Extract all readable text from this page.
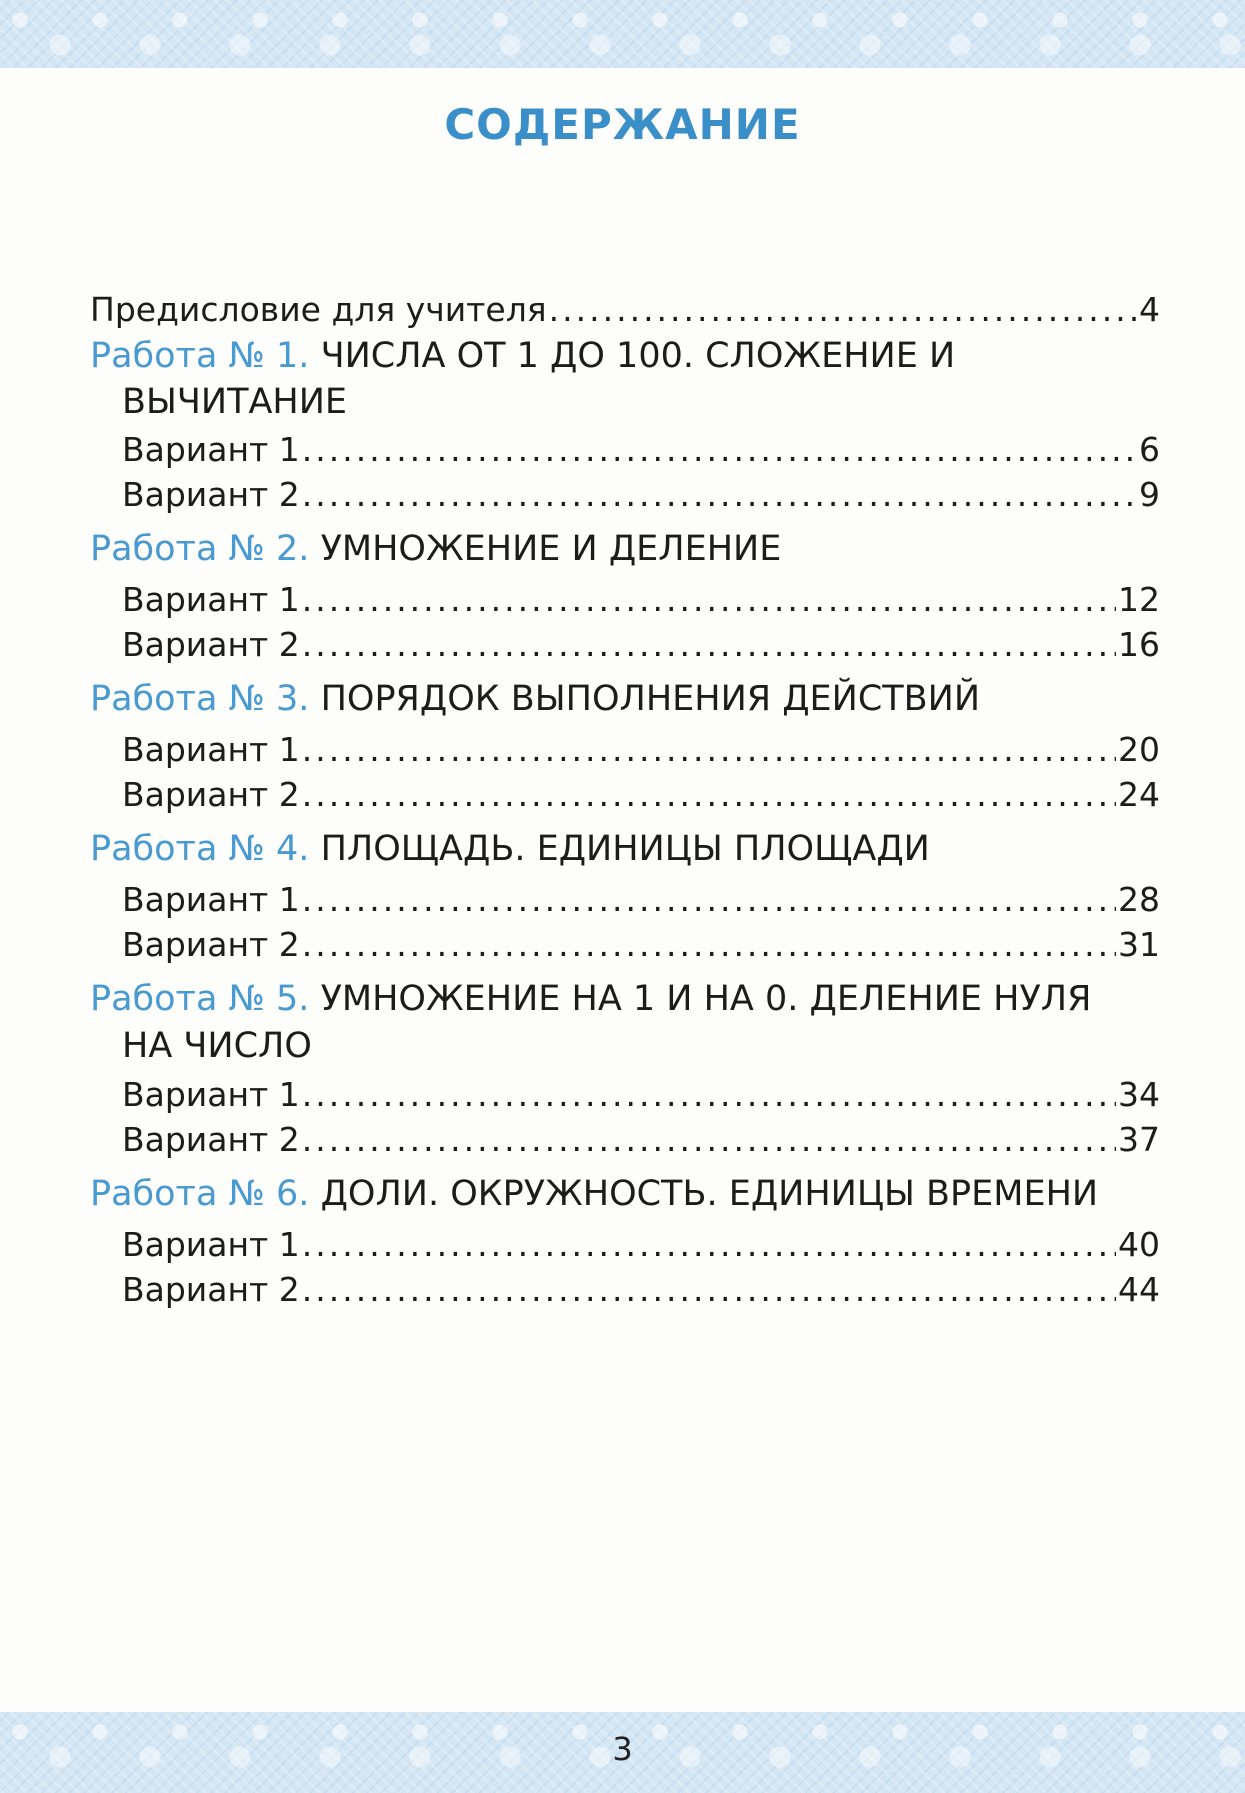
СОДЕРЖАНИЕ
Предисловие для учителя .....	4
Работа № 1. ЧИСЛА ОТ 1 ДО 100. СЛОЖЕНИЕ И
ВЫЧИТАНИЕ
Вариант 1 .....	6
Вариант 2 .....	9
Работа № 2. УМНОЖЕНИЕ И ДЕЛЕНИЕ
Вариант 1 .....	12
Вариант 2 .....	16
Работа № 3. ПОРЯДОК ВЫПОЛНЕНИЯ ДЕЙСТВИЙ
Вариант 1 .....	20
Вариант 2 .....	24
Работа № 4. ПЛОЩАДЬ. ЕДИНИЦЫ ПЛОЩАДИ
Вариант 1 .....	28
Вариант 2 .....	31
Работа № 5. УМНОЖЕНИЕ НА 1 И НА 0. ДЕЛЕНИЕ НУЛЯ
НА ЧИСЛО
Вариант 1 .....	34
Вариант 2 .....	37
Работа № 6. ДОЛИ. ОКРУЖНОСТЬ. ЕДИНИЦЫ ВРЕМЕНИ
Вариант 1 .....	40
Вариант 2 .....	44
3
